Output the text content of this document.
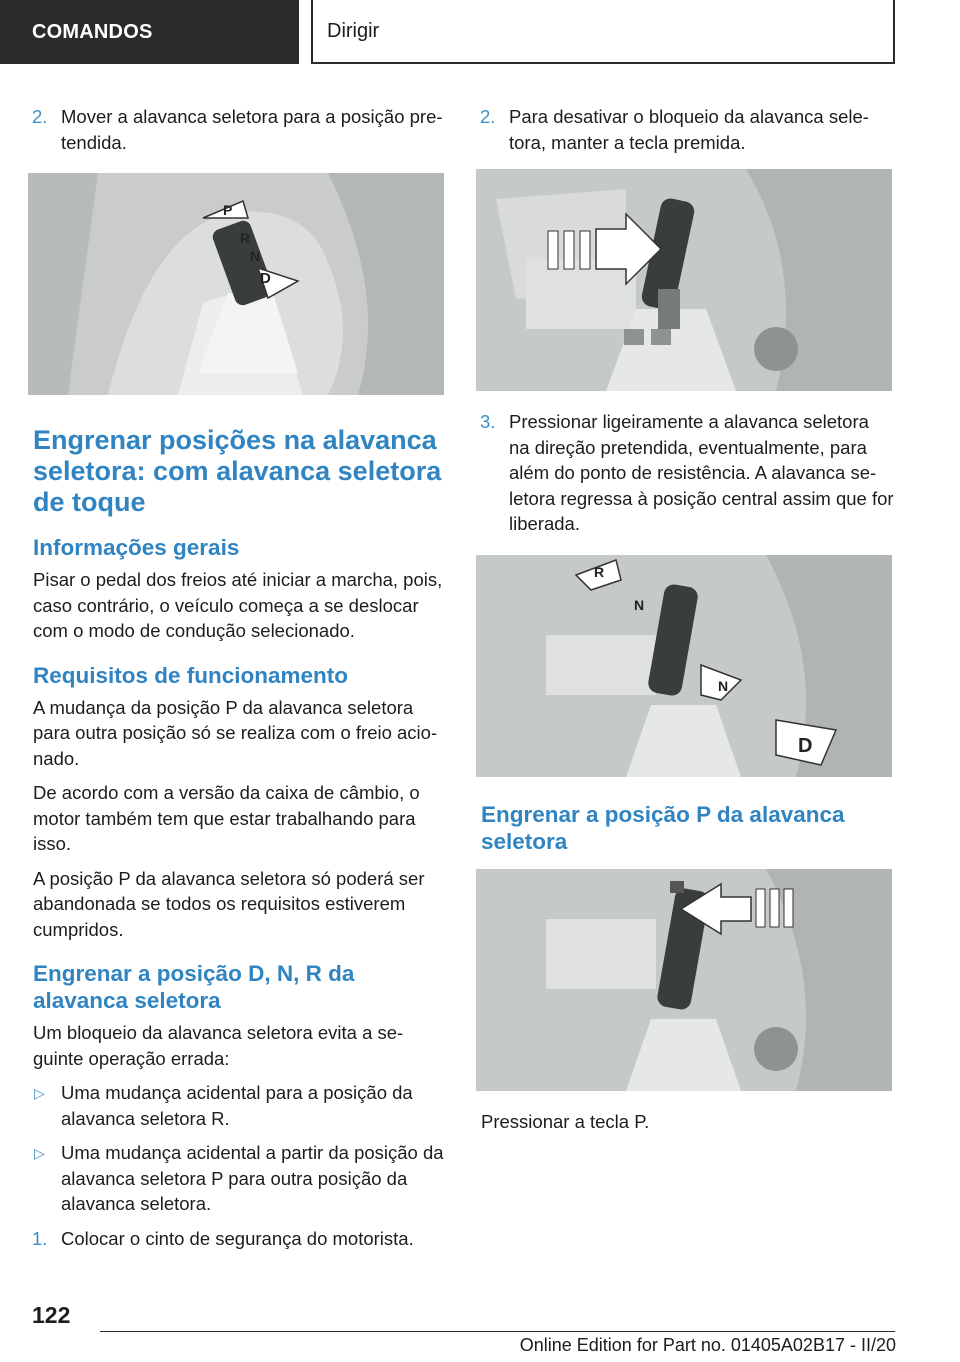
COMANDOS	Dirigir
2. Mover a alavanca seletora para a posição pre-tendida.
P
R
N
D
Engrenar posições na alavanca seletora: com alavanca seletora de toque
Informações gerais

Pisar o pedal dos freios até iniciar a marcha, pois, caso contrário, o veículo começa a se deslocar com o modo de condução selecionado.

Requisitos de funcionamento

A mudança da posição P da alavanca seletora para outra posição só se realiza com o freio acio-nado.

De acordo com a versão da caixa de câmbio, o motor também tem que estar trabalhando para isso.

A posição P da alavanca seletora só poderá ser abandonada se todos os requisitos estiverem cumpridos.

Engrenar a posição D, N, R da alavanca seletora

Um bloqueio da alavanca seletora evita a se-guinte operação errada:

▷ Uma mudança acidental para a posição da alavanca seletora R.
▷ Uma mudança acidental a partir da posição da alavanca seletora P para outra posição da alavanca seletora.
1. Colocar o cinto de segurança do motorista.
2. Para desativar o bloqueio da alavanca sele-tora, manter a tecla premida.
3. Pressionar ligeiramente a alavanca seletora na direção pretendida, eventualmente, para além do ponto de resistência. A alavanca se-letora regressa à posição central assim que for liberada.
R
N
N
D
Engrenar a posição P da alavanca seletora

Pressionar a tecla P.

122
Online Edition for Part no. 01405A02B17 - II/20
